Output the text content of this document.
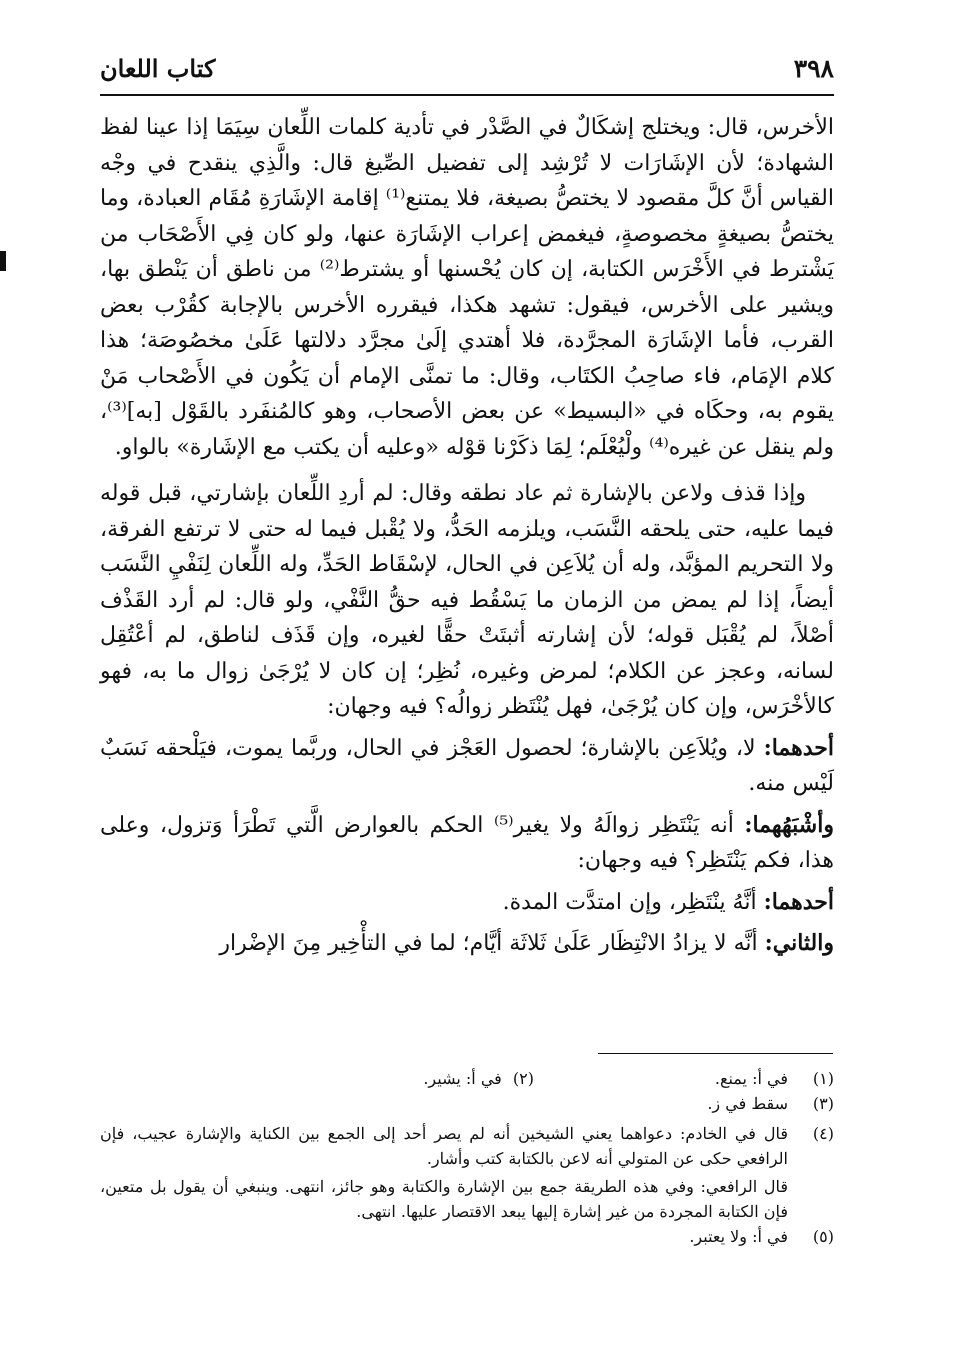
٣٩٨
كتاب اللعان

الأخرس، قال: ويختلج إشكَالٌ في الصَّدْر في تأدية كلمات اللِّعان سِيَمَا إذا عينا لفظ الشهادة؛ لأن الإشَارَات لا تُرْشِد إلى تفضيل الصِّيغ قال: والَّذِي ينقدح في وجْه القياس أنَّ كلَّ مقصود لا يختصُّ بصيغة، فلا يمتنع⁽¹⁾ إقامة الإشَارَةِ مُقَام العبادة، وما يختصُّ بصيغةٍ مخصوصةٍ، فيغمض إعراب الإشَارَة عنها، ولو كان فِي الأَصْحَاب من يَشْترط في الأَخْرَس الكتابة، إن كان يُحْسنها أو يشترط⁽²⁾ من ناطق أن يَنْطق بها، ويشير على الأخرس، فيقول: تشهد هكذا، فيقرره الأخرس بالإجابة كقُرْب بعض القرب، فأما الإشَارَة المجرَّدة، فلا أهتدي إلَىٰ مجرَّد دلالتها عَلَىٰ مخصُوصَة؛ هذا كلام الإمَام، فاء صاحِبُ الكتَاب، وقال: ما تمنَّى الإمام أن يَكُون في الأَصْحاب مَنْ يقوم به، وحكَاه في «البسيط» عن بعض الأصحاب، وهو كالمُنفَرد بالقَوْل [به]⁽³⁾، ولم ينقل عن غيره⁽⁴⁾ ولْيُعْلَم؛ لِمَا ذكَرْنا قوْله «وعليه أن يكتب مع الإشَارة» بالواو.

وإذا قذف ولاعن بالإشارة ثم عاد نطقه وقال: لم أردِ اللِّعان بإشارتي، قبل قوله فيما عليه، حتى يلحقه النَّسَب، ويلزمه الحَدُّ، ولا يُقْبل فيما له حتى لا ترتفع الفرقة، ولا التحريم المؤبَّد، وله أن يُلاَعِن في الحال، لإسْقَاط الحَدِّ، وله اللِّعان لِنَفْيِ النَّسَب أيضاً، إذا لم يمض من الزمان ما يَسْقُط فيه حقُّ النَّفْي، ولو قال: لم أرد القَذْف أصْلاً، لم يُقْبَل قوله؛ لأن إشارته أثبتَتْ حقًّا لغيره، وإن قَذَف لناطق، لم أعْتُقِل لسانه، وعجز عن الكلام؛ لمرض وغيره، نُظِر؛ إن كان لا يُرْجَىٰ زوال ما به، فهو كالأخْرَس، وإن كان يُرْجَىٰ، فهل يُنْتَظر زوالُه؟ فيه وجهان:

أحدهما: لا، ويُلاَعِن بالإشارة؛ لحصول العَجْز في الحال، وربَّما يموت، فيَلْحقه نَسَبٌ لَيْس منه.

وأشْبَهُهما: أنه يَنْتَظِر زوالَهُ ولا يغير⁽⁵⁾ الحكم بالعوارض الَّتي تَطْرَأ وَتزول، وعلى هذا، فكم يَنْتَظِر؟ فيه وجهان:

أحدهما: أنَّهُ ينْتَظِر، وإن امتدَّت المدة.

والثاني: أنَّه لا يزادُ الانْتِظَار عَلَىٰ ثَلاثَة أيَّام؛ لما في التأْخِير مِنَ الإضْرار

(١)
في أ: يمنع.
(٢) في أ: يشير.
(٣)
سقط في ز.
(٤)
قال في الخادم: دعواهما يعني الشيخين أنه لم يصر أحد إلى الجمع بين الكناية والإشارة عجيب، فإن الرافعي حكى عن المتولي أنه لاعن بالكتابة كتب وأشار.
قال الرافعي: وفي هذه الطريقة جمع بين الإشارة والكتابة وهو جائز، انتهى. وينبغي أن يقول بل متعين، فإن الكتابة المجردة من غير إشارة إليها يبعد الاقتصار عليها. انتهى.
(٥)
في أ: ولا يعتبر.
